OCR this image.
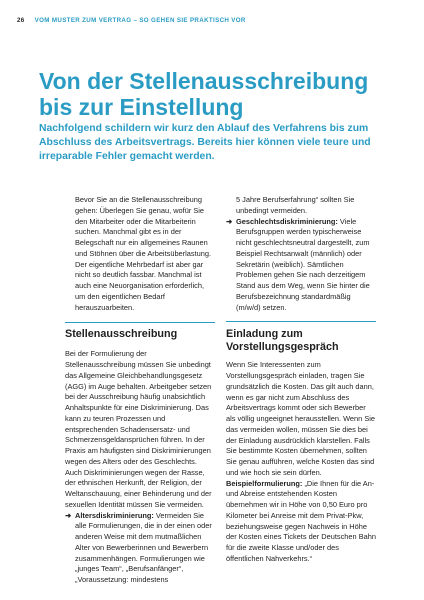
26 VOM MUSTER ZUM VERTRAG – SO GEHEN SIE PRAKTISCH VOR
Von der Stellenausschreibung
bis zur Einstellung

Nachfolgend schildern wir kurz den Ablauf des Verfahrens bis zum Abschluss des Arbeitsvertrags. Bereits hier können viele teure und irreparable Fehler gemacht werden.

Bevor Sie an die Stellenausschreibung gehen: Überlegen Sie genau, wofür Sie den Mitarbeiter oder die Mitarbeiterin suchen. Manchmal gibt es in der Belegschaft nur ein allgemeines Raunen und Stöhnen über die Arbeitsüberlastung. Der eigentliche Mehrbedarf ist aber gar nicht so deutlich fassbar. Manchmal ist auch eine Neuorganisation erforderlich, um den eigentlichen Bedarf herauszuarbeiten.

Stellenausschreibung

Bei der Formulierung der Stellenausschreibung müssen Sie unbedingt das Allgemeine Gleichbehandlungsgesetz (AGG) im Auge behalten. Arbeitgeber setzen bei der Ausschreibung häufig unabsichtlich Anhaltspunkte für eine Diskriminierung. Das kann zu teuren Prozessen und entsprechenden Schadensersatz- und Schmerzensgeldansprüchen führen. In der Praxis am häufigsten sind Diskriminierungen wegen des Alters oder des Geschlechts. Auch Diskriminierungen wegen der Rasse, der ethnischen Herkunft, der Religion, der Weltanschauung, einer Behinderung und der sexuellen Identität müssen Sie vermeiden.

➜ Altersdiskriminierung: Vermeiden Sie alle Formulierungen, die in der einen oder anderen Weise mit dem mutmaßlichen Alter von Bewerberinnen und Bewerbern zusammenhängen. Formulierungen wie „junges Team“, „Berufsanfänger“, „Voraussetzung: mindestens

5 Jahre Berufserfahrung“ sollten Sie unbedingt vermeiden.

➜ Geschlechtsdiskriminierung: Viele Berufsgruppen werden typischerweise nicht geschlechtsneutral dargestellt, zum Beispiel Rechtsanwalt (männlich) oder Sekretärin (weiblich). Sämtlichen Problemen gehen Sie nach derzeitigem Stand aus dem Weg, wenn Sie hinter die Berufsbezeichnung standardmäßig (m/w/d) setzen.

Einladung zum Vorstellungsgespräch

Wenn Sie Interessenten zum Vorstellungsgespräch einladen, tragen Sie grundsätzlich die Kosten. Das gilt auch dann, wenn es gar nicht zum Abschluss des Arbeitsvertrags kommt oder sich Bewerber als völlig ungeeignet herausstellen. Wenn Sie das vermeiden wollen, müssen Sie dies bei der Einladung ausdrücklich klarstellen. Falls Sie bestimmte Kosten übernehmen, sollten Sie genau aufführen, welche Kosten das sind und wie hoch sie sein dürfen. Beispielformulierung: „Die Ihnen für die An- und Abreise entstehenden Kosten übernehmen wir in Höhe von 0,50 Euro pro Kilometer bei Anreise mit dem Privat-Pkw, beziehungsweise gegen Nachweis in Höhe der Kosten eines Tickets der Deutschen Bahn für die zweite Klasse und/oder des öffentlichen Nahverkehrs.“
